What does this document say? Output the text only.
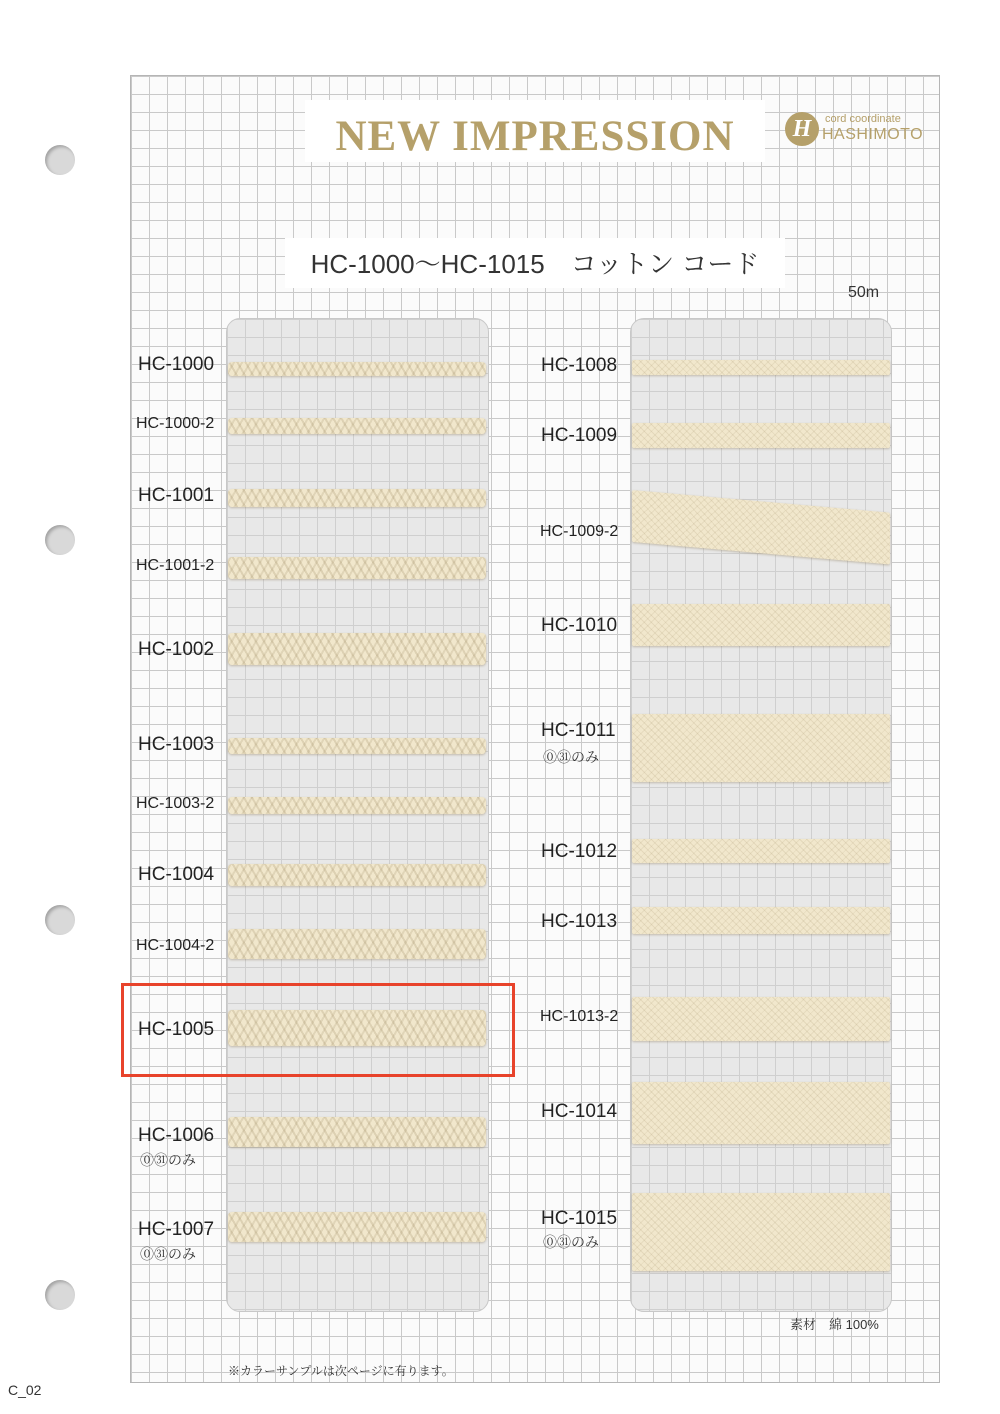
NEW IMPRESSION	H	cord coordinate
HASHIMOTO
HC-1000～HC-1015　コットン コード
50m
HC-1000
HC-1000-2
HC-1001
HC-1001-2
HC-1002
HC-1003
HC-1003-2
HC-1004
HC-1004-2
HC-1005
HC-1006
⓪㉛のみ
HC-1007
⓪㉛のみ
HC-1008
HC-1009
HC-1009-2
HC-1010
HC-1011
⓪㉛のみ
HC-1012
HC-1013
HC-1013-2
HC-1014
HC-1015
⓪㉛のみ
素材　綿 100%
※カラーサンプルは次ページに有ります。
C_02
